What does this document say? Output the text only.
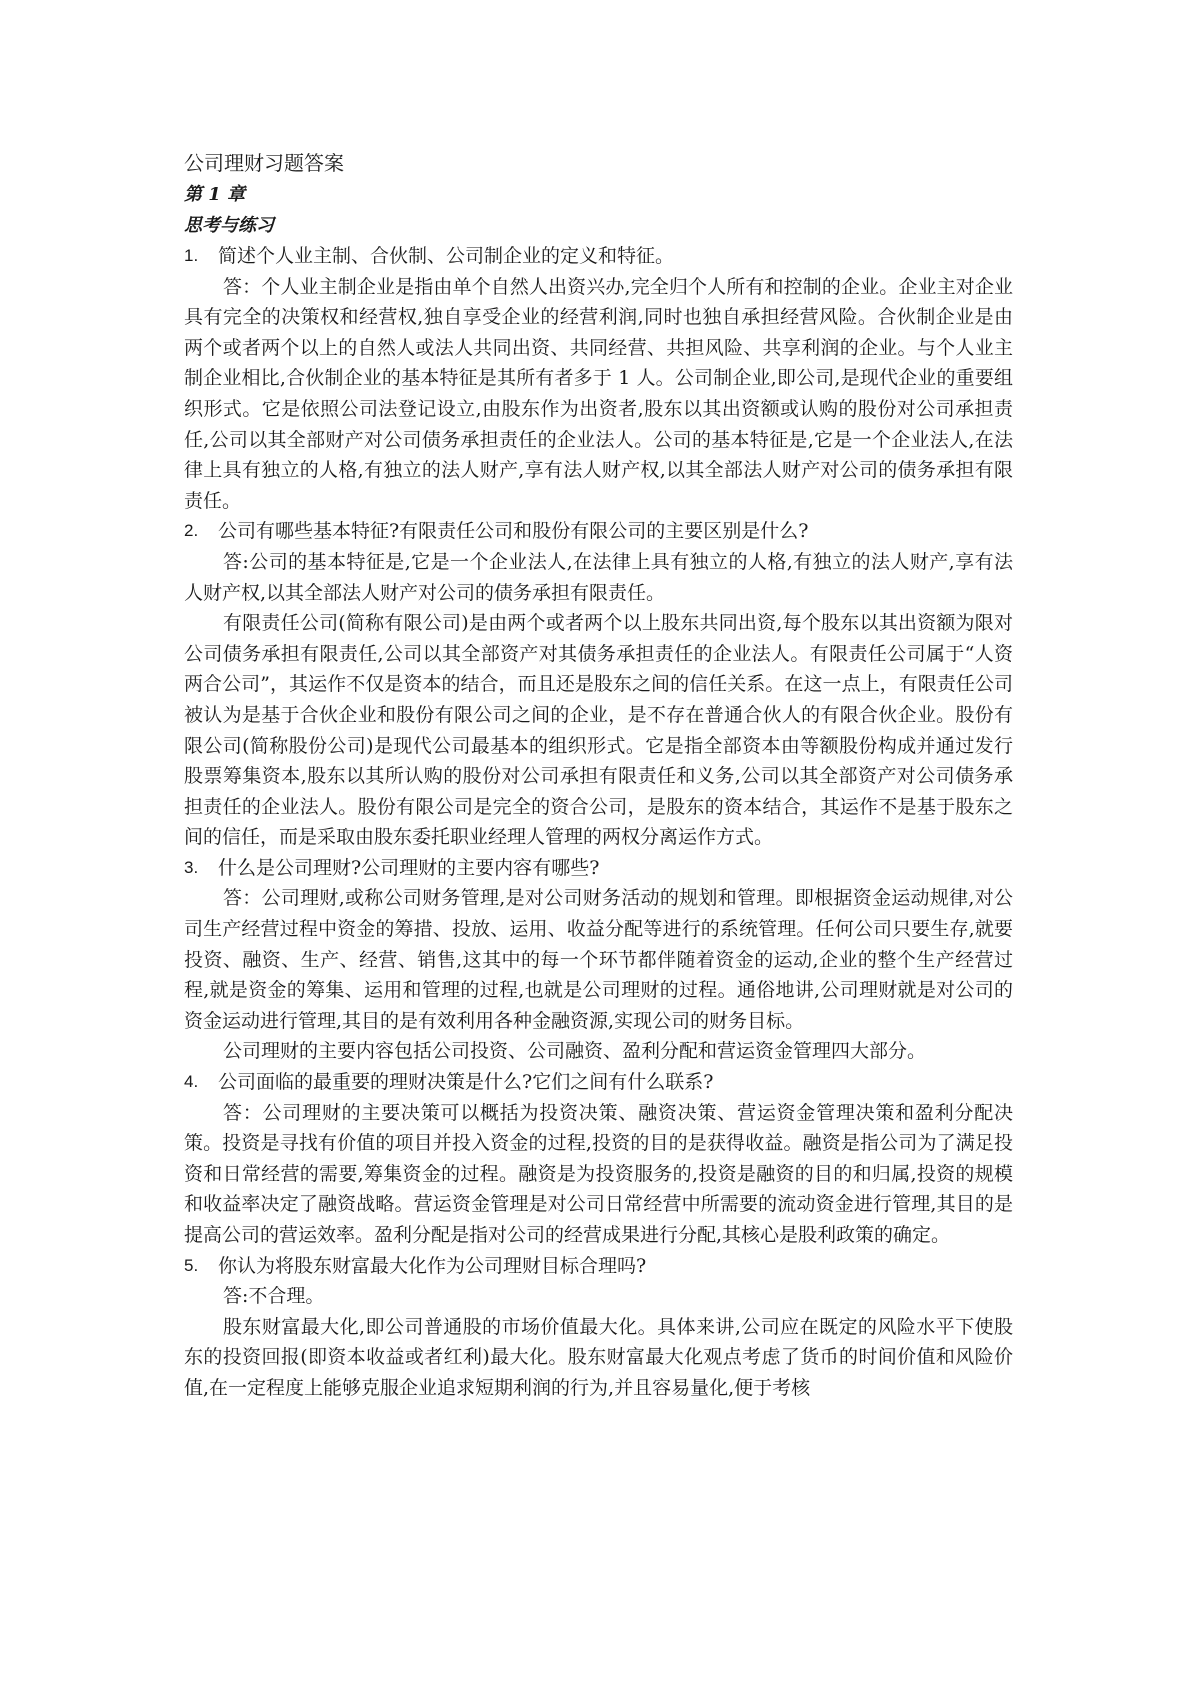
公司理财习题答案

第 1 章

思考与练习

1.	简述个人业主制、合伙制、公司制企业的定义和特征。

答：个人业主制企业是指由单个自然人出资兴办,完全归个人所有和控制的企业。企业主对企业具有完全的决策权和经营权,独自享受企业的经营利润,同时也独自承担经营风险。合伙制企业是由两个或者两个以上的自然人或法人共同出资、共同经营、共担风险、共享利润的企业。与个人业主制企业相比,合伙制企业的基本特征是其所有者多于 1 人。公司制企业,即公司,是现代企业的重要组织形式。它是依照公司法登记设立,由股东作为出资者,股东以其出资额或认购的股份对公司承担责任,公司以其全部财产对公司债务承担责任的企业法人。公司的基本特征是,它是一个企业法人,在法律上具有独立的人格,有独立的法人财产,享有法人财产权,以其全部法人财产对公司的债务承担有限责任。

2.	公司有哪些基本特征?有限责任公司和股份有限公司的主要区别是什么?

答:公司的基本特征是,它是一个企业法人,在法律上具有独立的人格,有独立的法人财产,享有法人财产权,以其全部法人财产对公司的债务承担有限责任。

有限责任公司(简称有限公司)是由两个或者两个以上股东共同出资,每个股东以其出资额为限对公司债务承担有限责任,公司以其全部资产对其债务承担责任的企业法人。有限责任公司属于“人资两合公司”，其运作不仅是资本的结合，而且还是股东之间的信任关系。在这一点上，有限责任公司被认为是基于合伙企业和股份有限公司之间的企业，是不存在普通合伙人的有限合伙企业。股份有限公司(简称股份公司)是现代公司最基本的组织形式。它是指全部资本由等额股份构成并通过发行股票筹集资本,股东以其所认购的股份对公司承担有限责任和义务,公司以其全部资产对公司债务承担责任的企业法人。股份有限公司是完全的资合公司，是股东的资本结合，其运作不是基于股东之间的信任，而是采取由股东委托职业经理人管理的两权分离运作方式。

3.	什么是公司理财?公司理财的主要内容有哪些?

答：公司理财,或称公司财务管理,是对公司财务活动的规划和管理。即根据资金运动规律,对公司生产经营过程中资金的筹措、投放、运用、收益分配等进行的系统管理。任何公司只要生存,就要投资、融资、生产、经营、销售,这其中的每一个环节都伴随着资金的运动,企业的整个生产经营过程,就是资金的筹集、运用和管理的过程,也就是公司理财的过程。通俗地讲,公司理财就是对公司的资金运动进行管理,其目的是有效利用各种金融资源,实现公司的财务目标。

公司理财的主要内容包括公司投资、公司融资、盈利分配和营运资金管理四大部分。

4.	公司面临的最重要的理财决策是什么?它们之间有什么联系?

答：公司理财的主要决策可以概括为投资决策、融资决策、营运资金管理决策和盈利分配决策。投资是寻找有价值的项目并投入资金的过程,投资的目的是获得收益。融资是指公司为了满足投资和日常经营的需要,筹集资金的过程。融资是为投资服务的,投资是融资的目的和归属,投资的规模和收益率决定了融资战略。营运资金管理是对公司日常经营中所需要的流动资金进行管理,其目的是提高公司的营运效率。盈利分配是指对公司的经营成果进行分配,其核心是股利政策的确定。

5.	你认为将股东财富最大化作为公司理财目标合理吗?

答:不合理。

股东财富最大化,即公司普通股的市场价值最大化。具体来讲,公司应在既定的风险水平下使股东的投资回报(即资本收益或者红利)最大化。股东财富最大化观点考虑了货币的时间价值和风险价值,在一定程度上能够克服企业追求短期利润的行为,并且容易量化,便于考核
